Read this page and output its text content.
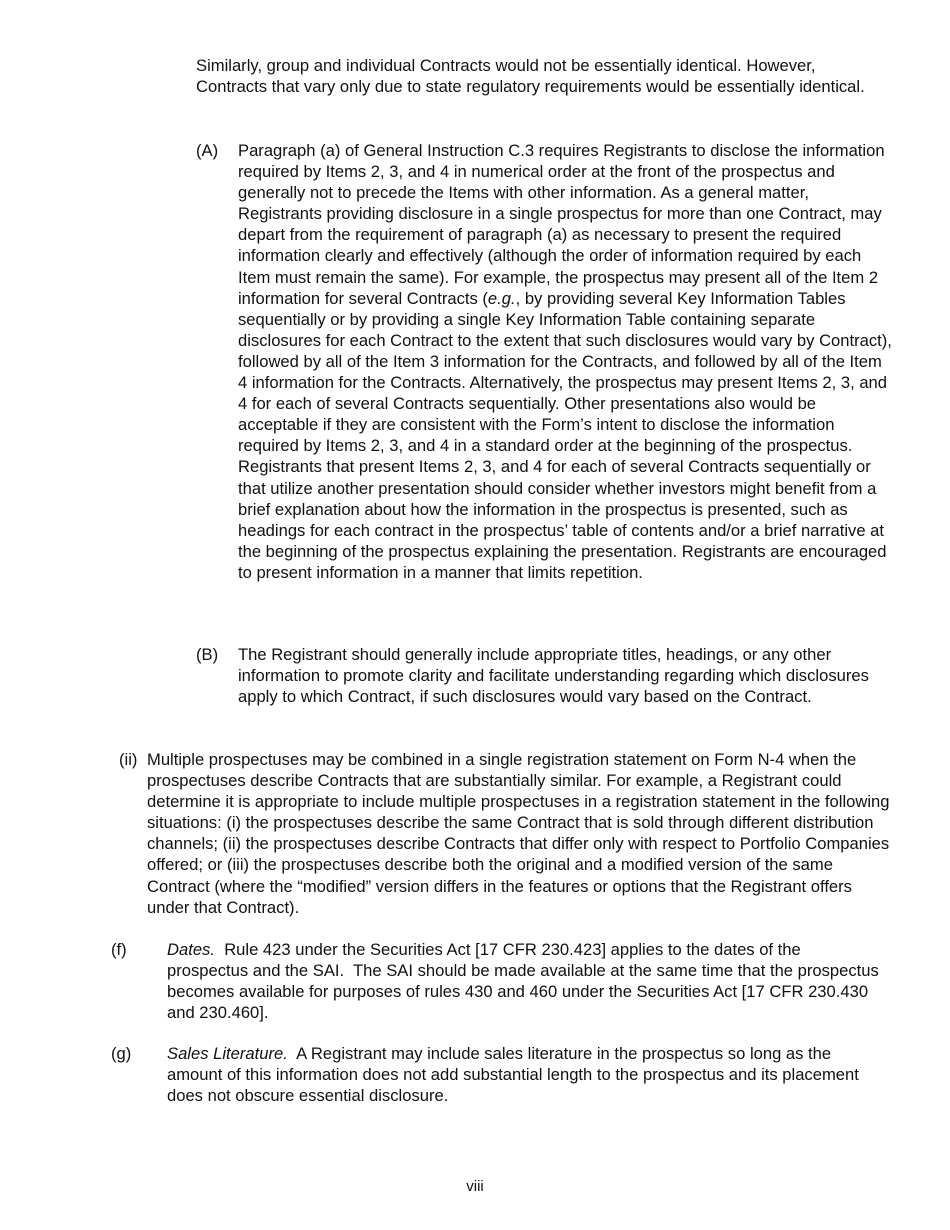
Similarly, group and individual Contracts would not be essentially identical. However, Contracts that vary only due to state regulatory requirements would be essentially identical.

(A) Paragraph (a) of General Instruction C.3 requires Registrants to disclose the information required by Items 2, 3, and 4 in numerical order at the front of the prospectus and generally not to precede the Items with other information. As a general matter, Registrants providing disclosure in a single prospectus for more than one Contract, may depart from the requirement of paragraph (a) as necessary to present the required information clearly and effectively (although the order of information required by each Item must remain the same). For example, the prospectus may present all of the Item 2 information for several Contracts (e.g., by providing several Key Information Tables sequentially or by providing a single Key Information Table containing separate disclosures for each Contract to the extent that such disclosures would vary by Contract), followed by all of the Item 3 information for the Contracts, and followed by all of the Item 4 information for the Contracts. Alternatively, the prospectus may present Items 2, 3, and 4 for each of several Contracts sequentially. Other presentations also would be acceptable if they are consistent with the Form’s intent to disclose the information required by Items 2, 3, and 4 in a standard order at the beginning of the prospectus. Registrants that present Items 2, 3, and 4 for each of several Contracts sequentially or that utilize another presentation should consider whether investors might benefit from a brief explanation about how the information in the prospectus is presented, such as headings for each contract in the prospectus’ table of contents and/or a brief narrative at the beginning of the prospectus explaining the presentation. Registrants are encouraged to present information in a manner that limits repetition.

(B) The Registrant should generally include appropriate titles, headings, or any other information to promote clarity and facilitate understanding regarding which disclosures apply to which Contract, if such disclosures would vary based on the Contract.

(ii) Multiple prospectuses may be combined in a single registration statement on Form N-4 when the prospectuses describe Contracts that are substantially similar. For example, a Registrant could determine it is appropriate to include multiple prospectuses in a registration statement in the following situations: (i) the prospectuses describe the same Contract that is sold through different distribution channels; (ii) the prospectuses describe Contracts that differ only with respect to Portfolio Companies offered; or (iii) the prospectuses describe both the original and a modified version of the same Contract (where the “modified” version differs in the features or options that the Registrant offers under that Contract).

(f) Dates.  Rule 423 under the Securities Act [17 CFR 230.423] applies to the dates of the prospectus and the SAI.  The SAI should be made available at the same time that the prospectus becomes available for purposes of rules 430 and 460 under the Securities Act [17 CFR 230.430 and 230.460].

(g) Sales Literature.  A Registrant may include sales literature in the prospectus so long as the amount of this information does not add substantial length to the prospectus and its placement does not obscure essential disclosure.

viii
